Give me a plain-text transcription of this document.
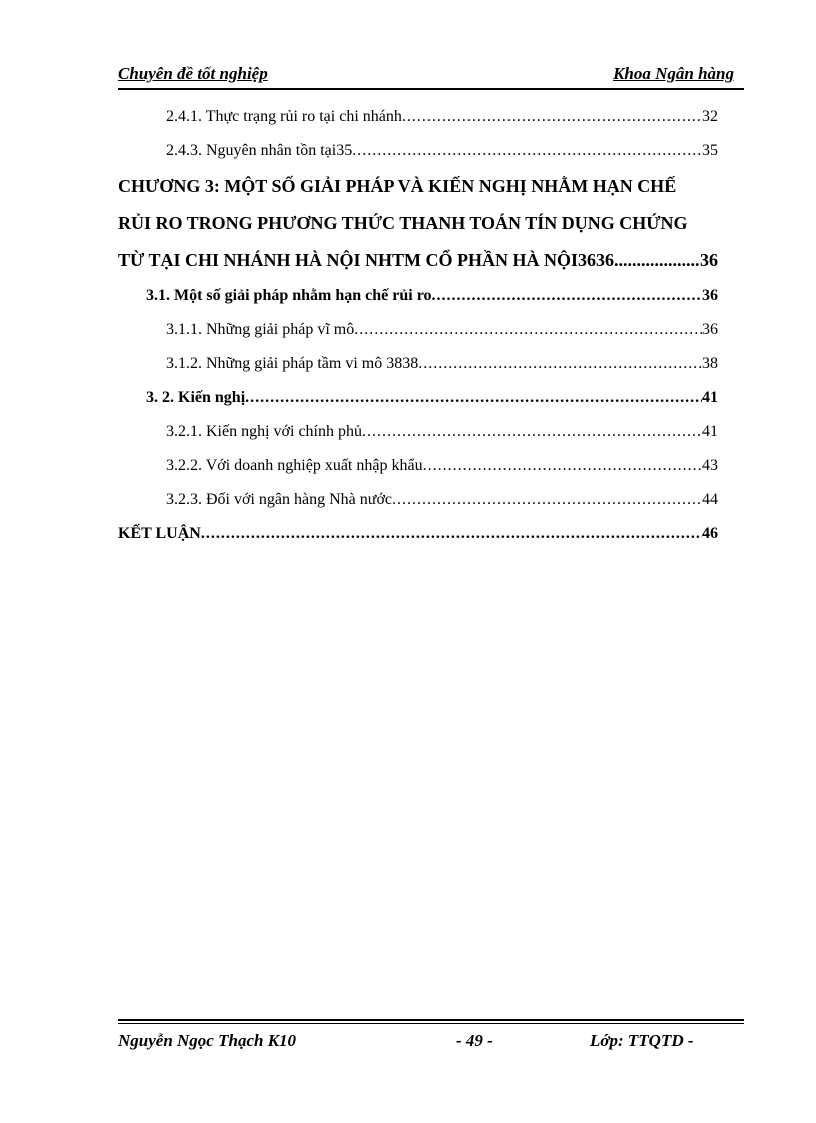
Chuyên đề tốt nghiệp	Khoa Ngân hàng
2.4.1. Thực trạng rủi ro tại chi nhánh .....	32
2.4.3. Nguyên nhân tồn tại35 .....	35
CHƯƠNG 3: MỘT SỐ GIẢI PHÁP VÀ KIẾN NGHỊ NHẰM HẠN CHẾ
RỦI RO TRONG PHƯƠNG THỨC THANH TOÁN TÍN DỤNG CHỨNG
TỪ TẠI CHI NHÁNH HÀ NỘI NHTM CỔ PHẦN HÀ NỘI3636 .....	36
3.1. Một số giải pháp nhằm hạn chế rủi ro .....	36
3.1.1. Những giải pháp vĩ mô .....	36
3.1.2. Những giải pháp tầm vi mô 3838 .....	38
3. 2. Kiến nghị .....	41
3.2.1. Kiến nghị với chính phủ .....	41
3.2.2. Với doanh nghiệp xuất nhập khẩu .....	43
3.2.3. Đối với ngân hàng Nhà nước .....	44
KẾT LUẬN .....	46
Nguyễn Ngọc Thạch K10	- 49 -	Lớp: TTQTD -
